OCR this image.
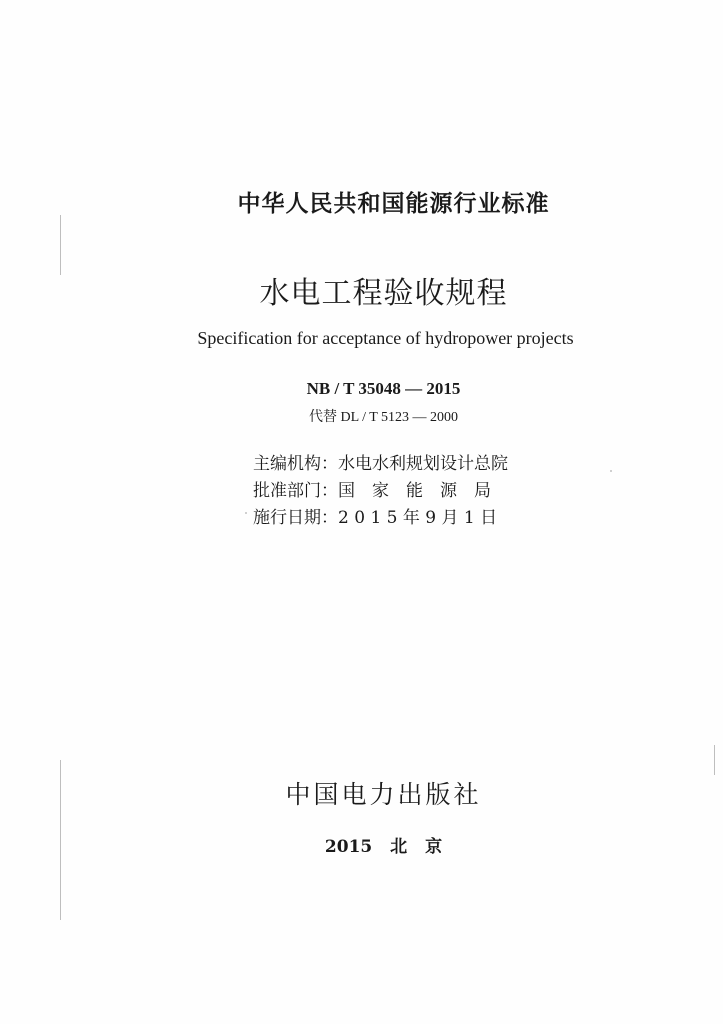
中华人民共和国能源行业标准
水电工程验收规程
Specification for acceptance of hydropower projects
NB / T 35048 — 2015
代替 DL / T 5123 — 2000
主编机构：水电水利规划设计总院
批准部门：国　家　能　源　局
施行日期：2 0 1 5 年 9 月 1 日
中国电力出版社
2015 北 京
